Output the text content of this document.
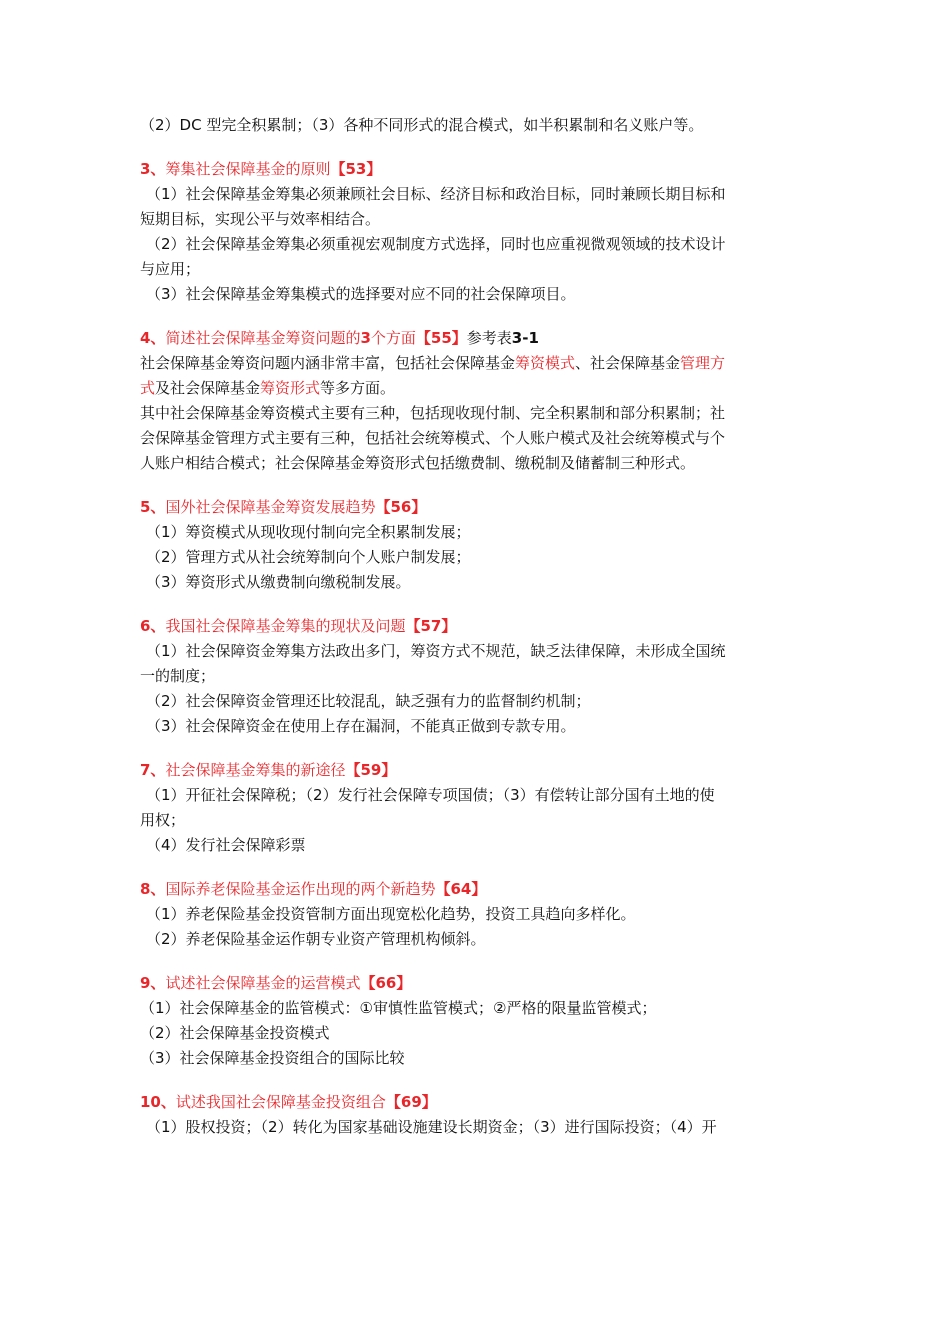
（2）DC 型完全积累制；（3）各种不同形式的混合模式，如半积累制和名义账户等。
3、筹集社会保障基金的原则【53】
（1）社会保障基金筹集必须兼顾社会目标、经济目标和政治目标，同时兼顾长期目标和
短期目标，实现公平与效率相结合。
（2）社会保障基金筹集必须重视宏观制度方式选择，同时也应重视微观领域的技术设计
与应用；
（3）社会保障基金筹集模式的选择要对应不同的社会保障项目。
4、简述社会保障基金筹资问题的3个方面【55】参考表3-1
社会保障基金筹资问题内涵非常丰富，包括社会保障基金筹资模式、社会保障基金管理方
式及社会保障基金筹资形式等多方面。
其中社会保障基金筹资模式主要有三种，包括现收现付制、完全积累制和部分积累制；社
会保障基金管理方式主要有三种，包括社会统筹模式、个人账户模式及社会统筹模式与个
人账户相结合模式；社会保障基金筹资形式包括缴费制、缴税制及储蓄制三种形式。
5、国外社会保障基金筹资发展趋势【56】
（1）筹资模式从现收现付制向完全积累制发展；
（2）管理方式从社会统筹制向个人账户制发展；
（3）筹资形式从缴费制向缴税制发展。
6、我国社会保障基金筹集的现状及问题【57】
（1）社会保障资金筹集方法政出多门，筹资方式不规范，缺乏法律保障，未形成全国统
一的制度；
（2）社会保障资金管理还比较混乱，缺乏强有力的监督制约机制；
（3）社会保障资金在使用上存在漏洞，不能真正做到专款专用。
7、社会保障基金筹集的新途径【59】
（1）开征社会保障税；（2）发行社会保障专项国债；（3）有偿转让部分国有土地的使
用权；
（4）发行社会保障彩票
8、国际养老保险基金运作出现的两个新趋势【64】
（1）养老保险基金投资管制方面出现宽松化趋势，投资工具趋向多样化。
（2）养老保险基金运作朝专业资产管理机构倾斜。
9、试述社会保障基金的运营模式【66】
（1）社会保障基金的监管模式：①审慎性监管模式；②严格的限量监管模式；
（2）社会保障基金投资模式
（3）社会保障基金投资组合的国际比较
10、试述我国社会保障基金投资组合【69】
（1）股权投资；（2）转化为国家基础设施建设长期资金；（3）进行国际投资；（4）开
